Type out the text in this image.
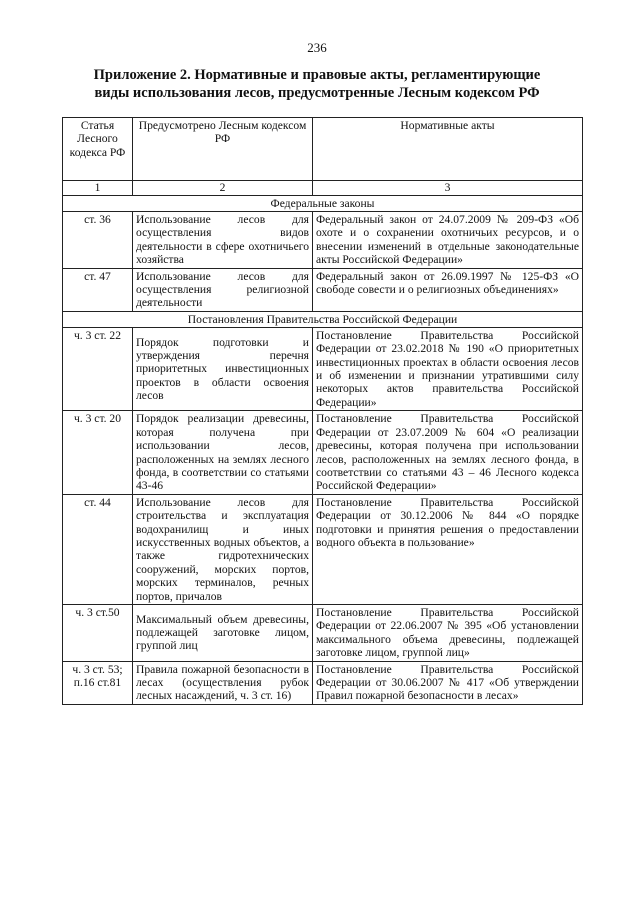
236
Приложение 2. Нормативные и правовые акты, регламентирующие
виды использования лесов, предусмотренные Лесным кодексом РФ
Статья Лесного кодекса РФ	Предусмотрено Лесным кодексом РФ	Нормативные акты
1	2	3
Федеральные законы		
ст. 36	Использование лесов для осуществления видов деятельности в сфере охотничьего хозяйства	Федеральный закон от 24.07.2009 № 209-ФЗ «Об охоте и о сохранении охотничьих ресурсов, и о внесении изменений в отдельные законодательные акты Российской Федерации»
ст. 47	Использование лесов для осуществления религиозной деятельности	Федеральный закон от 26.09.1997 № 125-ФЗ «О свободе совести и о религиозных объединениях»
Постановления Правительства Российской Федерации		
ч. 3 ст. 22	Порядок подготовки и утверждения перечня приоритетных инвестиционных проектов в области освоения лесов	Постановление Правительства Российской Федерации от 23.02.2018 № 190 «О приоритетных инвестиционных проектах в области освоения лесов и об изменении и признании утратившими силу некоторых актов правительства Российской Федерации»
ч. 3 ст. 20	Порядок реализации древесины, которая получена при использовании лесов, расположенных на землях лесного фонда, в соответствии со статьями 43-46	Постановление Правительства Российской Федерации от 23.07.2009 № 604 «О реализации древесины, которая получена при использовании лесов, расположенных на землях лесного фонда, в соответствии со статьями 43 – 46 Лесного кодекса Российской Федерации»
ст. 44	Использование лесов для строительства и эксплуатация водохранилищ и иных искусственных водных объектов, а также гидротехнических сооружений, морских портов, морских терминалов, речных портов, причалов	Постановление Правительства Российской Федерации от 30.12.2006 № 844 «О порядке подготовки и принятия решения о предоставлении водного объекта в пользование»
ч. 3 ст.50	Максимальный объем древесины, подлежащей заготовке лицом, группой лиц	Постановление Правительства Российской Федерации от 22.06.2007 № 395 «Об установлении максимального объема древесины, подлежащей заготовке лицом, группой лиц»
ч. 3 ст. 53; п.16 ст.81	Правила пожарной безопасности в лесах (осуществления рубок лесных насаждений, ч. 3 ст. 16)	Постановление Правительства Российской Федерации от 30.06.2007 № 417 «Об утверждении Правил пожарной безопасности в лесах»
